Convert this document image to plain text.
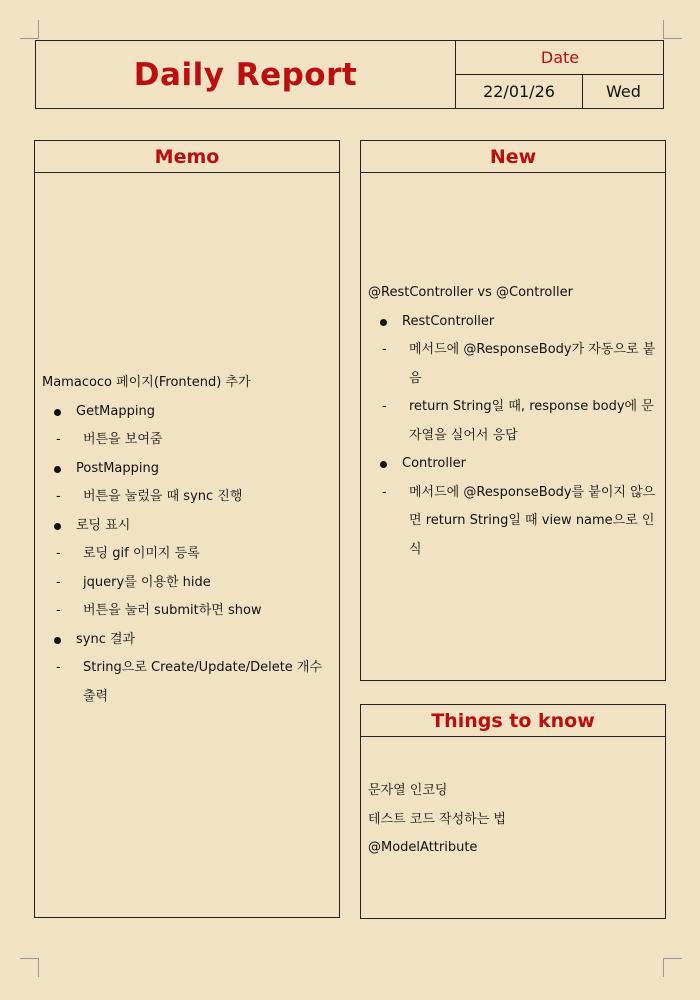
Daily Report	Date
22/01/26	Wed
Memo
Mamacoco 페이지(Frontend) 추가
GetMapping
- 버튼을 보여줌
PostMapping
- 버튼을 눌렀을 때 sync 진행
로딩 표시
- 로딩 gif 이미지 등록
- jquery를 이용한 hide
- 버튼을 눌러 submit하면 show
sync 결과
- String으로 Create/Update/Delete 개수 출력
New
@RestController vs @Controller
RestController
- 메서드에 @ResponseBody가 자동으로 붙음
- return String일 때, response body에 문자열을 실어서 응답
Controller
- 메서드에 @ResponseBody를 붙이지 않으면 return String일 때 view name으로 인식
Things to know
문자열 인코딩
테스트 코드 작성하는 법
@ModelAttribute
